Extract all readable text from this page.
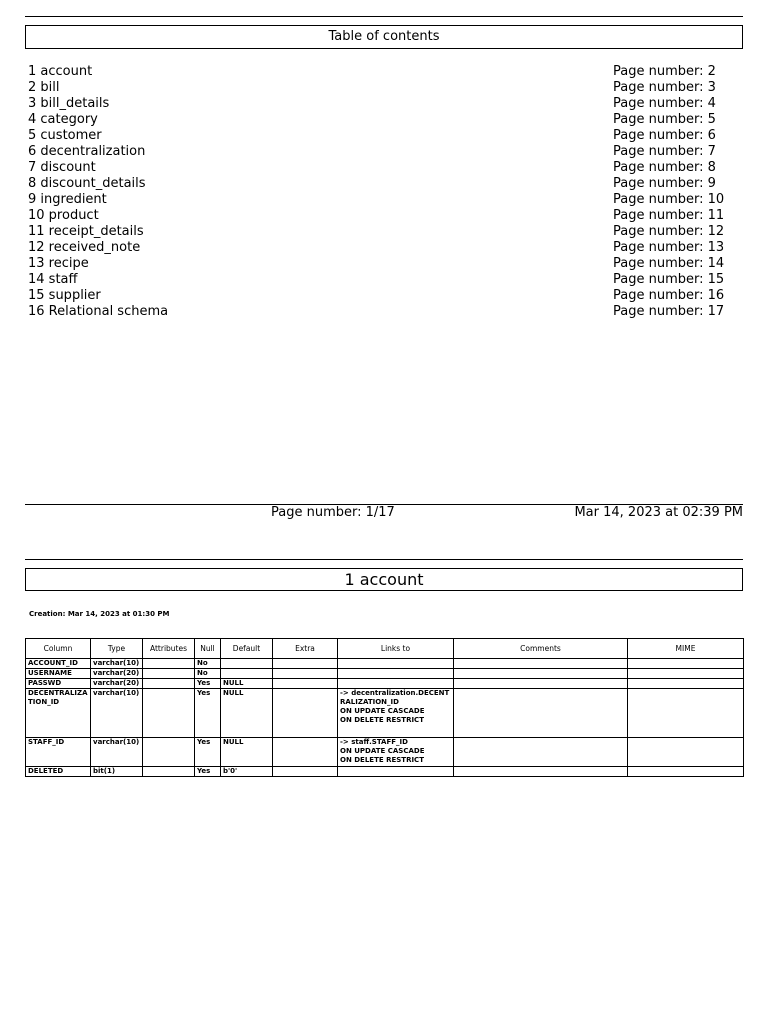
Table of contents
1 account	Page number: 2
2 bill	Page number: 3
3 bill_details	Page number: 4
4 category	Page number: 5
5 customer	Page number: 6
6 decentralization	Page number: 7
7 discount	Page number: 8
8 discount_details	Page number: 9
9 ingredient	Page number: 10
10 product	Page number: 11
11 receipt_details	Page number: 12
12 received_note	Page number: 13
13 recipe	Page number: 14
14 staff	Page number: 15
15 supplier	Page number: 16
16 Relational schema	Page number: 17
Page number: 1/17	Mar 14, 2023 at 02:39 PM
1 account
Creation: Mar 14, 2023 at 01:30 PM
Column	Type	Attributes	Null	Default	Extra	Links to	Comments	MIME
ACCOUNT_ID	varchar(10)		No					
USERNAME	varchar(20)		No					
PASSWD	varchar(20)		Yes	NULL				
DECENTRALIZATION_ID	varchar(10)		Yes	NULL		-> decentralization.DECENTRALIZATION_ID
ON UPDATE CASCADE
ON DELETE RESTRICT		

STAFF_ID	varchar(10)		Yes	NULL		-> staff.STAFF_ID
ON UPDATE CASCADE
ON DELETE RESTRICT		

DELETED	bit(1)		Yes	b'0'				
